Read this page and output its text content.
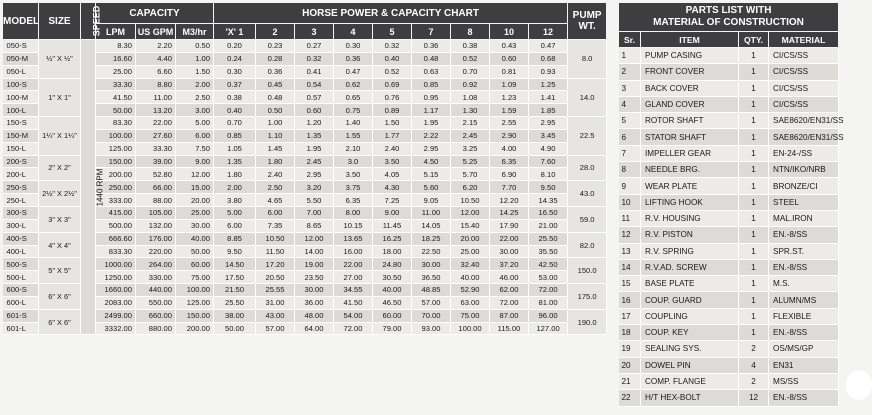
MODEL	SIZE	SPEED	CAPACITY			HORSE POWER & CAPACITY CHART									PUMP WT.
			LPM	US GPM	M3/hr	'X' 1	2	3	4	5	7	8	10	12	
050-S	½" X ½"	1440 RPM	8.30	2.20	0.50	0.20	0.23	0.27	0.30	0.32	0.36	0.38	0.43	0.47	8.0
050-M			16.60	4.40	1.00	0.24	0.28	0.32	0.36	0.40	0.48	0.52	0.60	0.68	
050-L			25.00	6.60	1.50	0.30	0.36	0.41	0.47	0.52	0.63	0.70	0.81	0.93	
100-S	1" X 1"		33.30	8.80	2.00	0.37	0.45	0.54	0.62	0.69	0.85	0.92	1.09	1.25	14.0
100-M			41.50	11.00	2.50	0.38	0.48	0.57	0.65	0.76	0.95	1.08	1.23	1.41	
100-L			50.00	13.20	3.00	0.40	0.50	0.60	0.75	0.89	1.17	1.30	1.59	1.85	
150-S	1¼" X 1¼"		83.30	22.00	5.00	0.70	1.00	1.20	1.40	1.50	1.95	2.15	2.55	2.95	22.5
150-M			100.00	27.60	6.00	0.85	1.10	1.35	1.55	1.77	2.22	2.45	2.90	3.45	
150-L			125.00	33.30	7.50	1.05	1.45	1.95	2.10	2.40	2.95	3.25	4.00	4.90	
200-S	2" X 2"		150.00	39.00	9.00	1.35	1.80	2.45	3.0	3.50	4.50	5.25	6.35	7.60	28.0
200-L			200.00	52.80	12.00	1.80	2.40	2.95	3.50	4.05	5.15	5.70	6.90	8.10	
250-S	2½" X 2½"		250.00	66.00	15.00	2.00	2.50	3.20	3.75	4.30	5.60	6.20	7.70	9.50	43.0
250-L			333.00	88.00	20.00	3.80	4.65	5.50	6.35	7.25	9.05	10.50	12.20	14.35	
300-S	3" X 3"		415.00	105.00	25.00	5.00	6.00	7.00	8.00	9.00	11.00	12.00	14.25	16.50	59.0
300-L			500.00	132.00	30.00	6.00	7.35	8.65	10.15	11.45	14.05	15.40	17.90	21.00	
400-S	4" X 4"		666.60	176.00	40.00	8.85	10.50	12.00	13.65	16.25	18.25	20.00	22.00	25.50	82.0
400-L			833.30	220.00	50.00	9.50	11.50	14.00	16.00	18.00	22.50	25.00	30.00	35.50	
500-S	5" X 5"		1000.00	264.00	60.00	14.50	17.20	19.00	22.00	24.80	30.00	32.40	37.20	42.50	150.0
500-L			1250.00	330.00	75.00	17.50	20.50	23.50	27.00	30.50	36.50	40.00	46.00	53.00	
600-S	6" X 6"		1660.00	440.00	100.00	21.50	25.55	30.00	34.55	40.00	48.85	52.90	62.00	72.00	175.0
600-L			2083.00	550.00	125.00	25.50	31.00	36.00	41.50	46.50	57.00	63.00	72.00	81.00	
601-S	6" X 6"		2499.00	660.00	150.00	38.00	43.00	48.00	54.00	60.00	70.00	75.00	87.00	96.00	190.0
601-L			3332.00	880.00	200.00	50.00	57.00	64.00	72.00	79.00	93.00	100.00	115.00	127.00	
PARTS LIST WITH
MATERIAL OF CONSTRUCTION			
Sr.	ITEM	QTY.	MATERIAL
1	PUMP CASING	1	CI/CS/SS
2	FRONT COVER	1	CI/CS/SS
3	BACK COVER	1	CI/CS/SS
4	GLAND COVER	1	CI/CS/SS
5	ROTOR SHAFT	1	SAE8620/EN31/SS
6	STATOR SHAFT	1	SAE8620/EN31/SS
7	IMPELLER GEAR	1	EN-24-/SS
8	NEEDLE BRG.	1	NTN/IKO/NRB
9	WEAR PLATE	1	BRONZE/CI
10	LIFTING HOOK	1	STEEL
11	R.V. HOUSING	1	MAL.IRON
12	R.V. PISTON	1	EN.-8/SS
13	R.V. SPRING	1	SPR.ST.
14	R.V.AD. SCREW	1	EN.-8/SS
15	BASE PLATE	1	M.S.
16	COUP. GUARD	1	ALUMN/MS
17	COUPLING	1	FLEXIBLE
18	COUP. KEY	1	EN.-8/SS
19	SEALING SYS.	2	OS/MS/GP
20	DOWEL PIN	4	EN31
21	COMP. FLANGE	2	MS/SS
22	H/T HEX-BOLT	12	EN.-8/SS
